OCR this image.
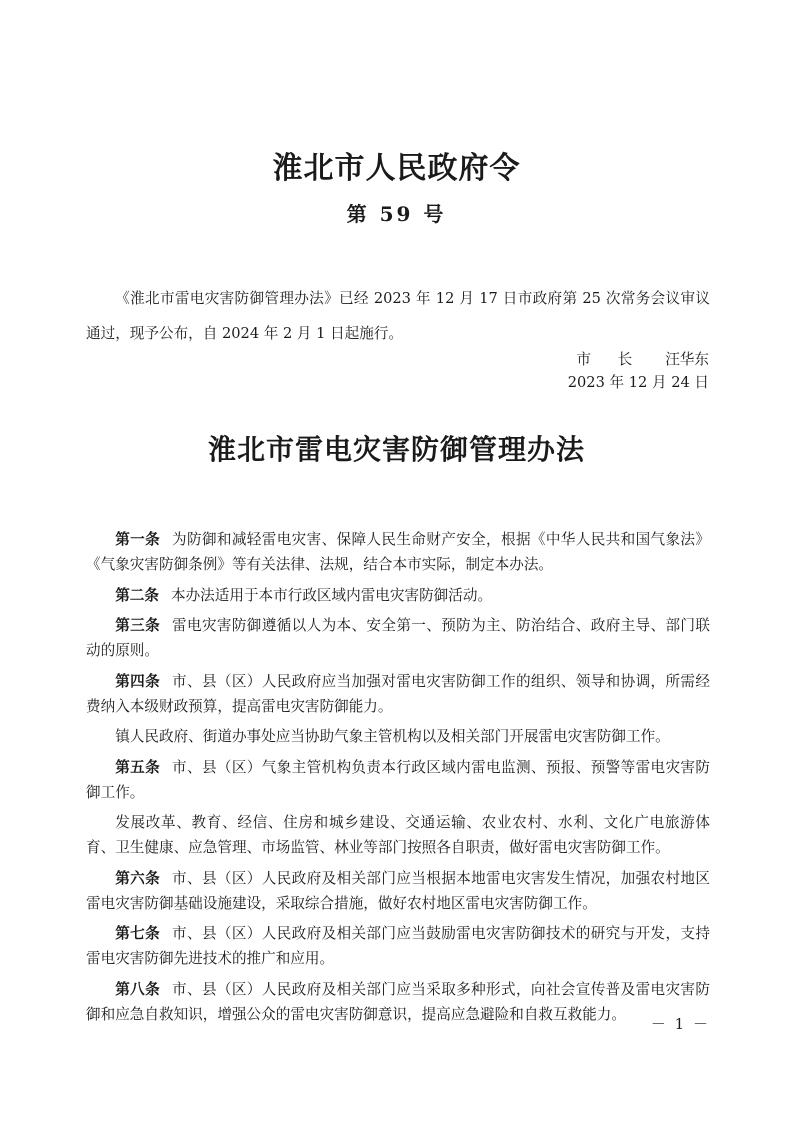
淮北市人民政府令
第 59 号

《淮北市雷电灾害防御管理办法》已经 2023 年 12 月 17 日市政府第 25 次常务会议审议通过，现予公布，自 2024 年 2 月 1 日起施行。

市 长 汪华东

2023 年 12 月 24 日

淮北市雷电灾害防御管理办法

第一条 为防御和减轻雷电灾害、保障人民生命财产安全，根据《中华人民共和国气象法》《气象灾害防御条例》等有关法律、法规，结合本市实际，制定本办法。

第二条 本办法适用于本市行政区域内雷电灾害防御活动。

第三条 雷电灾害防御遵循以人为本、安全第一、预防为主、防治结合、政府主导、部门联动的原则。

第四条 市、县（区）人民政府应当加强对雷电灾害防御工作的组织、领导和协调，所需经费纳入本级财政预算，提高雷电灾害防御能力。

镇人民政府、街道办事处应当协助气象主管机构以及相关部门开展雷电灾害防御工作。

第五条 市、县（区）气象主管机构负责本行政区域内雷电监测、预报、预警等雷电灾害防御工作。

发展改革、教育、经信、住房和城乡建设、交通运输、农业农村、水利、文化广电旅游体育、卫生健康、应急管理、市场监管、林业等部门按照各自职责，做好雷电灾害防御工作。

第六条 市、县（区）人民政府及相关部门应当根据本地雷电灾害发生情况，加强农村地区雷电灾害防御基础设施建设，采取综合措施，做好农村地区雷电灾害防御工作。

第七条 市、县（区）人民政府及相关部门应当鼓励雷电灾害防御技术的研究与开发，支持雷电灾害防御先进技术的推广和应用。

第八条 市、县（区）人民政府及相关部门应当采取多种形式，向社会宣传普及雷电灾害防御和应急自救知识，增强公众的雷电灾害防御意识，提高应急避险和自救互救能力。

－ 1 －
